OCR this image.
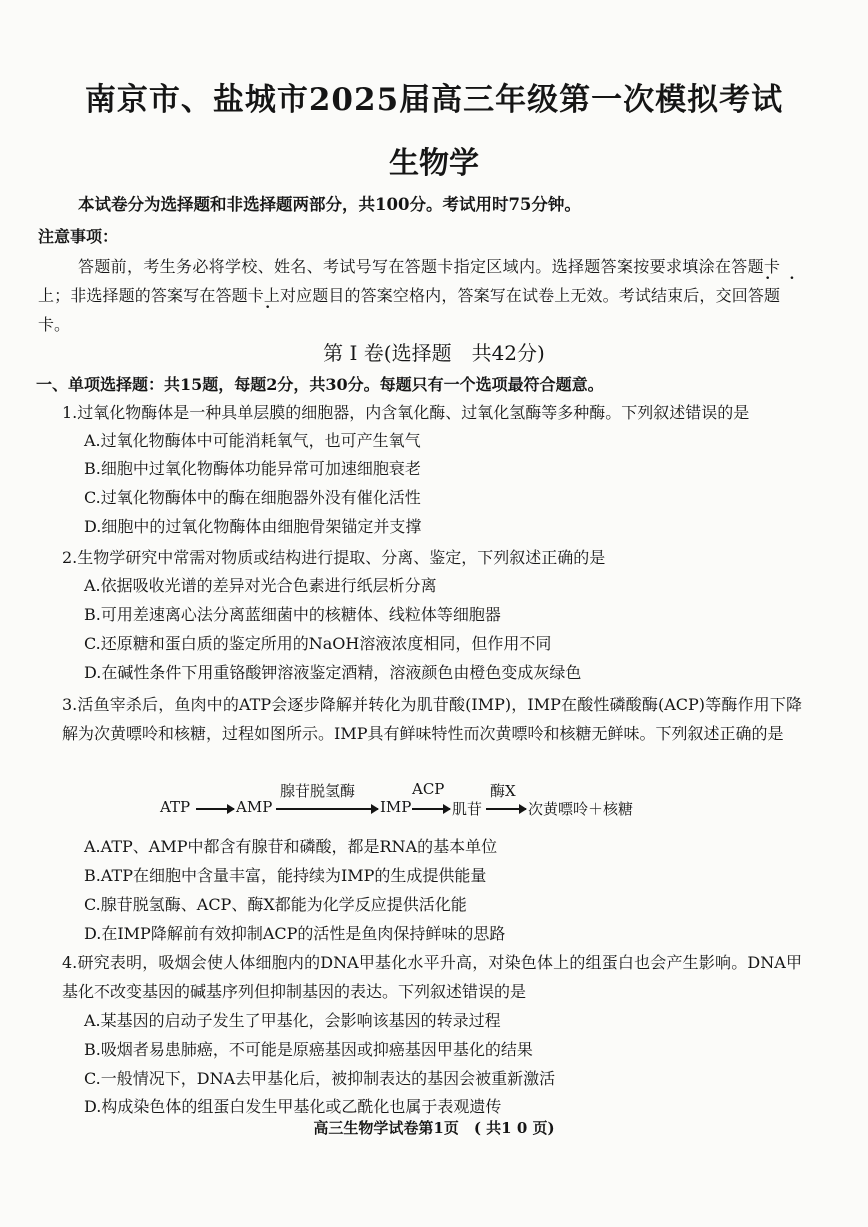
南京市、盐城市2025届高三年级第一次模拟考试
生物学
本试卷分为选择题和非选择题两部分，共100分。考试用时75分钟。
注意事项：
答题前，考生务必将学校、姓名、考试号写在答题卡指定区域内。选择题答案按要求填涂在答题卡上；非选择题的答案写在答题卡上对应题目的答案空格内，答案写在试卷上无效。考试结束后，交回答题卡。
第 I 卷(选择题　共42分)
一、单项选择题：共15题，每题2分，共30分。每题只有一个选项最符合题意。
1.过氧化物酶体是一种具单层膜的细胞器，内含氧化酶、过氧化氢酶等多种酶。下列叙述错误的是
A.过氧化物酶体中可能消耗氧气，也可产生氧气
B.细胞中过氧化物酶体功能异常可加速细胞衰老
C.过氧化物酶体中的酶在细胞器外没有催化活性
D.细胞中的过氧化物酶体由细胞骨架锚定并支撑
2.生物学研究中常需对物质或结构进行提取、分离、鉴定，下列叙述正确的是
A.依据吸收光谱的差异对光合色素进行纸层析分离
B.可用差速离心法分离蓝细菌中的核糖体、线粒体等细胞器
C.还原糖和蛋白质的鉴定所用的NaOH溶液浓度相同，但作用不同
D.在碱性条件下用重铬酸钾溶液鉴定酒精，溶液颜色由橙色变成灰绿色
3.活鱼宰杀后，鱼肉中的ATP会逐步降解并转化为肌苷酸(IMP)，IMP在酸性磷酸酶(ACP)等酶作用下降解为次黄嘌呤和核糖，过程如图所示。IMP具有鲜味特性而次黄嘌呤和核糖无鲜味。下列叙述正确的是
ATP	AMP
腺苷脱氢酶
IMP
ACP
肌苷
酶X
次黄嘌呤＋核糖
A.ATP、AMP中都含有腺苷和磷酸，都是RNA的基本单位
B.ATP在细胞中含量丰富，能持续为IMP的生成提供能量
C.腺苷脱氢酶、ACP、酶X都能为化学反应提供活化能
D.在IMP降解前有效抑制ACP的活性是鱼肉保持鲜味的思路
4.研究表明，吸烟会使人体细胞内的DNA甲基化水平升高，对染色体上的组蛋白也会产生影响。DNA甲基化不改变基因的碱基序列但抑制基因的表达。下列叙述错误的是
A.某基因的启动子发生了甲基化，会影响该基因的转录过程
B.吸烟者易患肺癌，不可能是原癌基因或抑癌基因甲基化的结果
C.一般情况下，DNA去甲基化后，被抑制表达的基因会被重新激活
D.构成染色体的组蛋白发生甲基化或乙酰化也属于表观遗传
高三生物学试卷第1页　( 共1 0 页)
